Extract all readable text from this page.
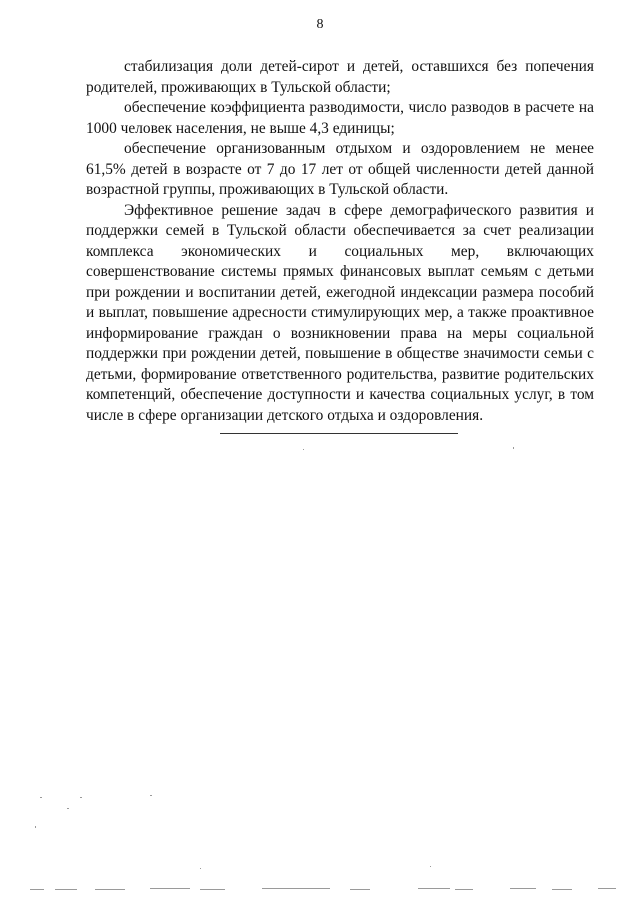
8

стабилизация доли детей-сирот и детей, оставшихся без попечения родителей, проживающих в Тульской области;

обеспечение коэффициента разводимости, число разводов в расчете на 1000 человек населения, не выше 4,3 единицы;

обеспечение организованным отдыхом и оздоровлением не менее 61,5% детей в возрасте от 7 до 17 лет от общей численности детей данной возрастной группы, проживающих в Тульской области.

Эффективное решение задач в сфере демографического развития и поддержки семей в Тульской области обеспечивается за счет реализации комплекса экономических и социальных мер, включающих совершенствование системы прямых финансовых выплат семьям с детьми при рождении и воспитании детей, ежегодной индексации размера пособий и выплат, повышение адресности стимулирующих мер, а также проактивное информирование граждан о возникновении права на меры социальной поддержки при рождении детей, повышение в обществе значимости семьи с детьми, формирование ответственного родительства, развитие родительских компетенций, обеспечение доступности и качества социальных услуг, в том числе в сфере организации детского отдыха и оздоровления.
